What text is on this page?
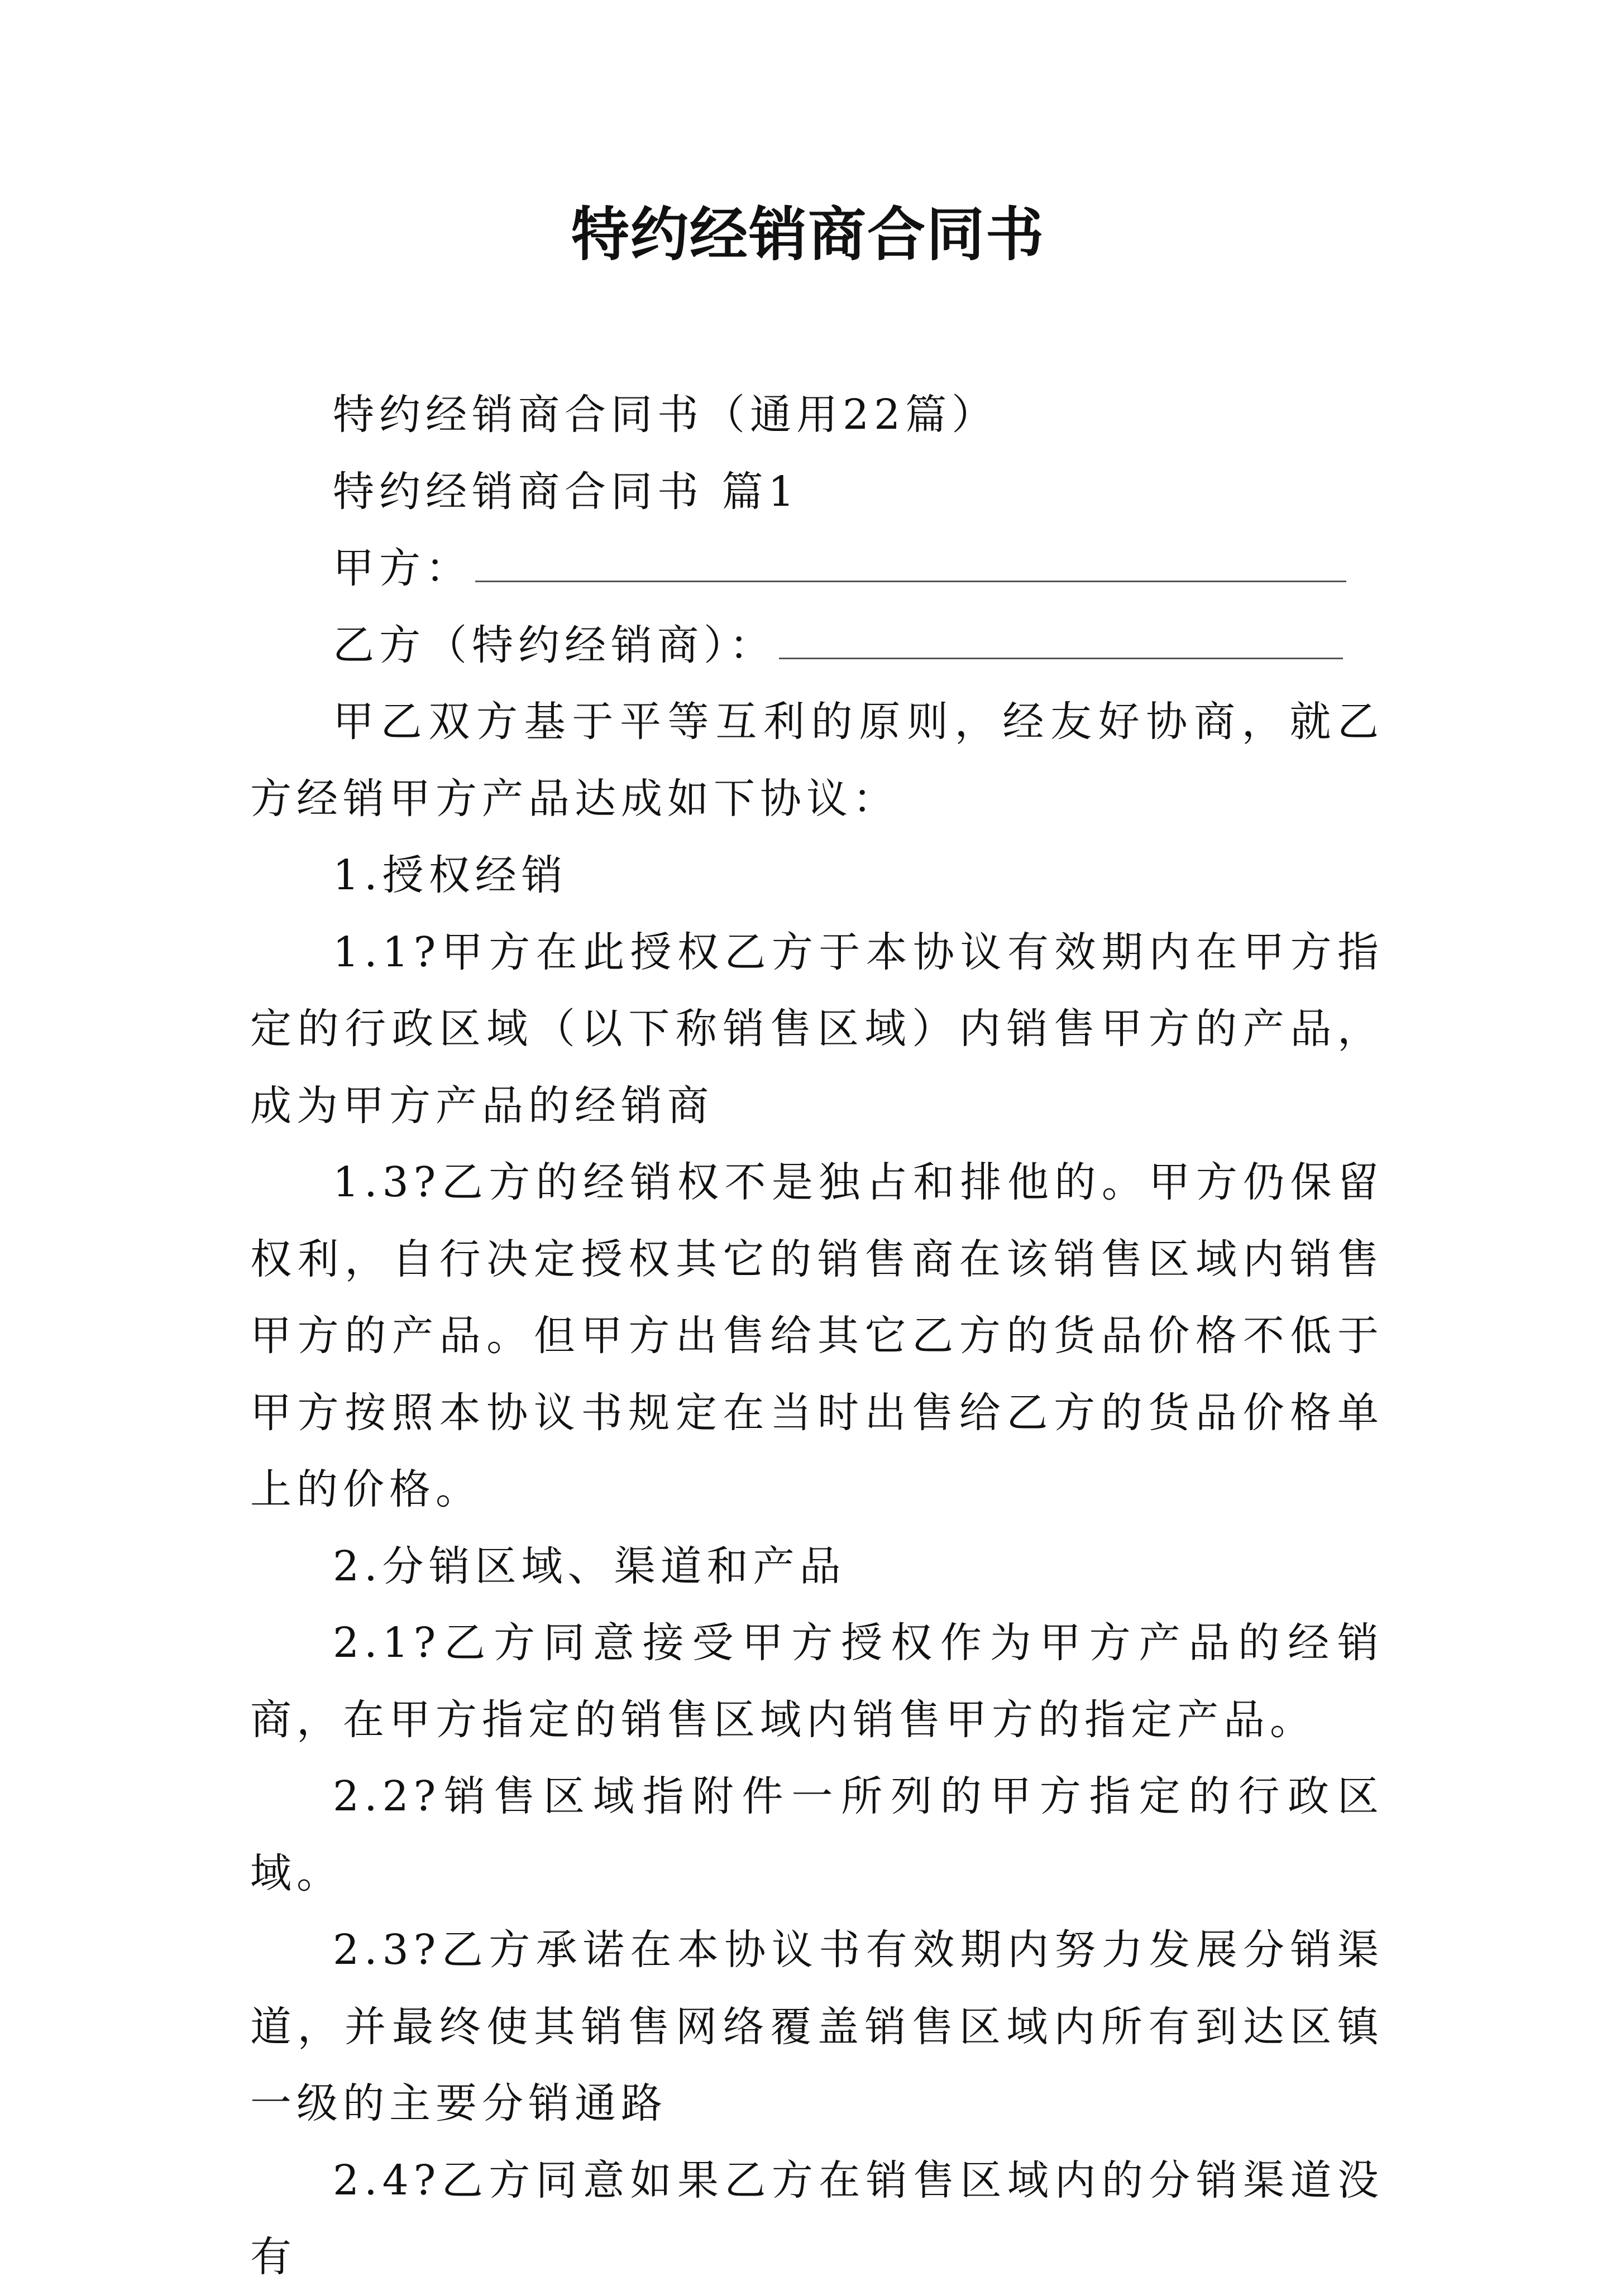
特约经销商合同书

特约经销商合同书（通用22篇）

特约经销商合同书 篇1

甲方：

乙方（特约经销商）：

甲乙双方基于平等互利的原则，经友好协商，就乙方经销甲方产品达成如下协议：

1.授权经销

1.1?甲方在此授权乙方于本协议有效期内在甲方指定的行政区域（以下称销售区域）内销售甲方的产品，成为甲方产品的经销商

1.3?乙方的经销权不是独占和排他的。甲方仍保留权利，自行决定授权其它的销售商在该销售区域内销售甲方的产品。但甲方出售给其它乙方的货品价格不低于甲方按照本协议书规定在当时出售给乙方的货品价格单上的价格。

2.分销区域、渠道和产品

2.1?乙方同意接受甲方授权作为甲方产品的经销商，在甲方指定的销售区域内销售甲方的指定产品。

2.2?销售区域指附件一所列的甲方指定的行政区域。

2.3?乙方承诺在本协议书有效期内努力发展分销渠道，并最终使其销售网络覆盖销售区域内所有到达区镇一级的主要分销通路

2.4?乙方同意如果乙方在销售区域内的分销渠道没有
